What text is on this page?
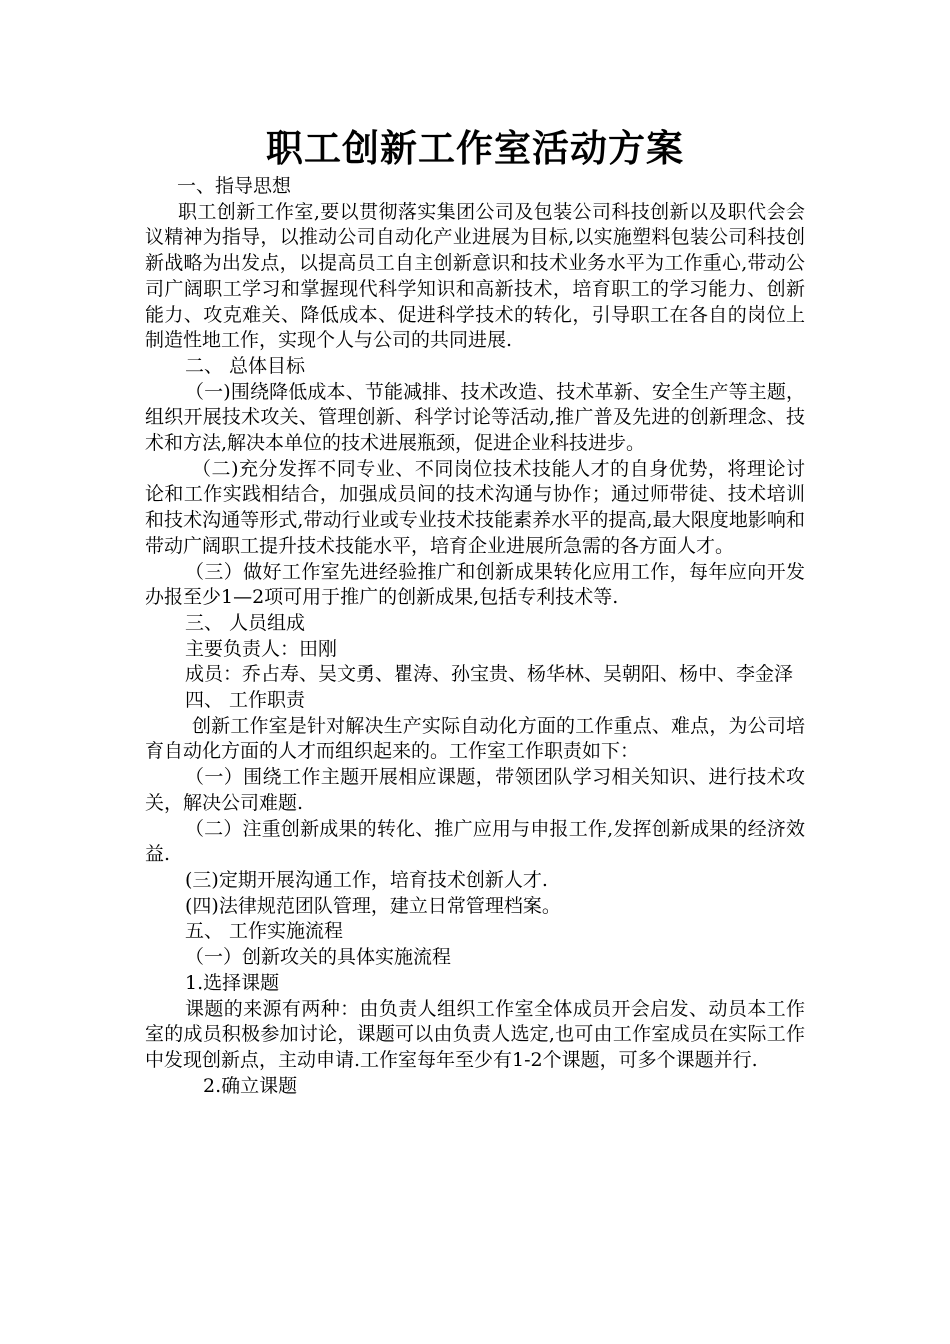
职工创新工作室活动方案

一、指导思想

职工创新工作室,要以贯彻落实集团公司及包装公司科技创新以及职代会会议精神为指导，以推动公司自动化产业进展为目标,以实施塑料包装公司科技创新战略为出发点，以提高员工自主创新意识和技术业务水平为工作重心,带动公司广阔职工学习和掌握现代科学知识和高新技术，培育职工的学习能力、创新能力、攻克难关、降低成本、促进科学技术的转化，引导职工在各自的岗位上制造性地工作，实现个人与公司的共同进展.

二、 总体目标

（一)围绕降低成本、节能减排、技术改造、技术革新、安全生产等主题，组织开展技术攻关、管理创新、科学讨论等活动,推广普及先进的创新理念、技术和方法,解决本单位的技术进展瓶颈，促进企业科技进步。

（二)充分发挥不同专业、不同岗位技术技能人才的自身优势，将理论讨论和工作实践相结合，加强成员间的技术沟通与协作；通过师带徒、技术培训和技术沟通等形式,带动行业或专业技术技能素养水平的提高,最大限度地影响和带动广阔职工提升技术技能水平，培育企业进展所急需的各方面人才。

（三）做好工作室先进经验推广和创新成果转化应用工作，每年应向开发办报至少1—2项可用于推广的创新成果,包括专利技术等.

三、 人员组成

主要负责人：田刚

成员：乔占寿、吴文勇、瞿涛、孙宝贵、杨华林、吴朝阳、杨中、李金泽

四、 工作职责

创新工作室是针对解决生产实际自动化方面的工作重点、难点，为公司培育自动化方面的人才而组织起来的。工作室工作职责如下：

（一）围绕工作主题开展相应课题，带领团队学习相关知识、进行技术攻关，解决公司难题.

（二）注重创新成果的转化、推广应用与申报工作,发挥创新成果的经济效益.

(三)定期开展沟通工作，培育技术创新人才.

(四)法律规范团队管理，建立日常管理档案。

五、 工作实施流程

（一）创新攻关的具体实施流程

1.选择课题

课题的来源有两种：由负责人组织工作室全体成员开会启发、动员本工作室的成员积极参加讨论，课题可以由负责人选定,也可由工作室成员在实际工作中发现创新点，主动申请.工作室每年至少有1-2个课题，可多个课题并行.

2.确立课题
